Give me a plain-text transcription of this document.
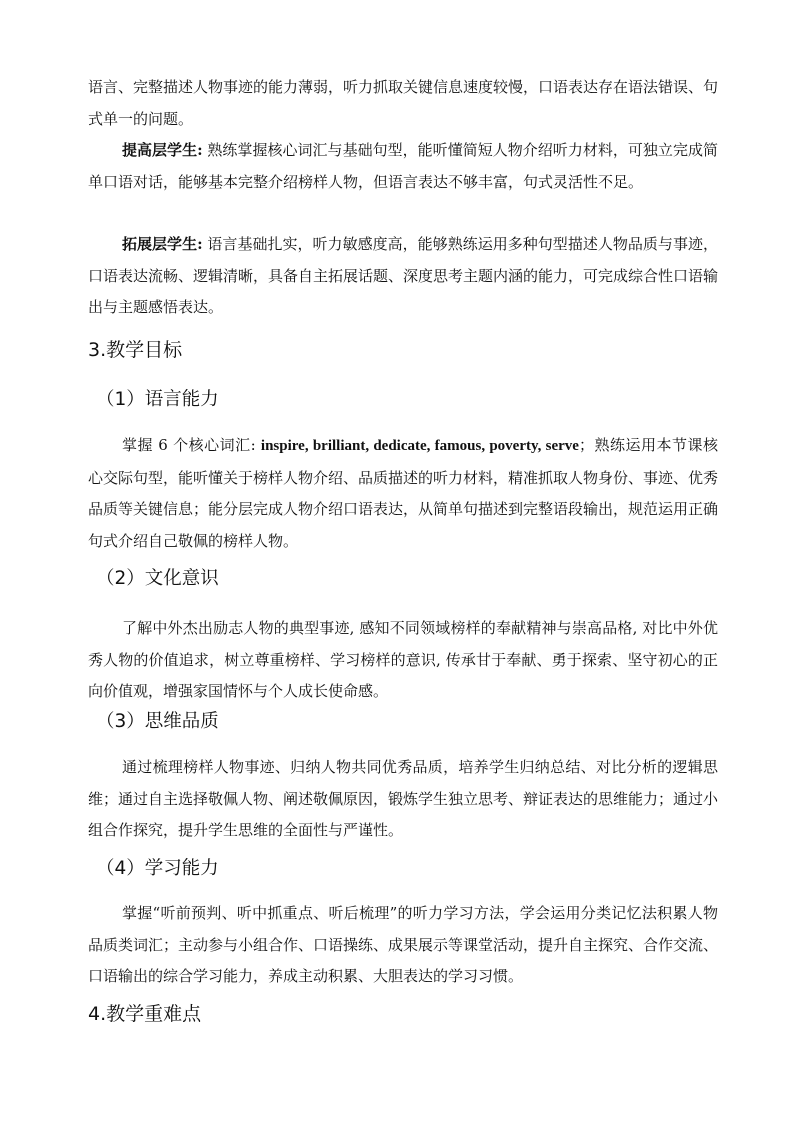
语言、完整描述人物事迹的能力薄弱，听力抓取关键信息速度较慢，口语表达存在语法错误、句式单一的问题。

提高层学生: 熟练掌握核心词汇与基础句型，能听懂简短人物介绍听力材料，可独立完成简单口语对话，能够基本完整介绍榜样人物，但语言表达不够丰富，句式灵活性不足。

拓展层学生: 语言基础扎实，听力敏感度高，能够熟练运用多种句型描述人物品质与事迹，口语表达流畅、逻辑清晰，具备自主拓展话题、深度思考主题内涵的能力，可完成综合性口语输出与主题感悟表达。

3.教学目标
（1）语言能力

掌握 6 个核心词汇: inspire, brilliant, dedicate, famous, poverty, serve；熟练运用本节课核心交际句型，能听懂关于榜样人物介绍、品质描述的听力材料，精准抓取人物身份、事迹、优秀品质等关键信息；能分层完成人物介绍口语表达，从简单句描述到完整语段输出，规范运用正确句式介绍自己敬佩的榜样人物。

（2）文化意识

了解中外杰出励志人物的典型事迹, 感知不同领域榜样的奉献精神与崇高品格, 对比中外优秀人物的价值追求，树立尊重榜样、学习榜样的意识, 传承甘于奉献、勇于探索、坚守初心的正向价值观，增强家国情怀与个人成长使命感。

（3）思维品质

通过梳理榜样人物事迹、归纳人物共同优秀品质，培养学生归纳总结、对比分析的逻辑思维；通过自主选择敬佩人物、阐述敬佩原因，锻炼学生独立思考、辩证表达的思维能力；通过小组合作探究，提升学生思维的全面性与严谨性。

（4）学习能力

掌握“听前预判、听中抓重点、听后梳理”的听力学习方法，学会运用分类记忆法积累人物品质类词汇；主动参与小组合作、口语操练、成果展示等课堂活动，提升自主探究、合作交流、口语输出的综合学习能力，养成主动积累、大胆表达的学习习惯。

4.教学重难点
